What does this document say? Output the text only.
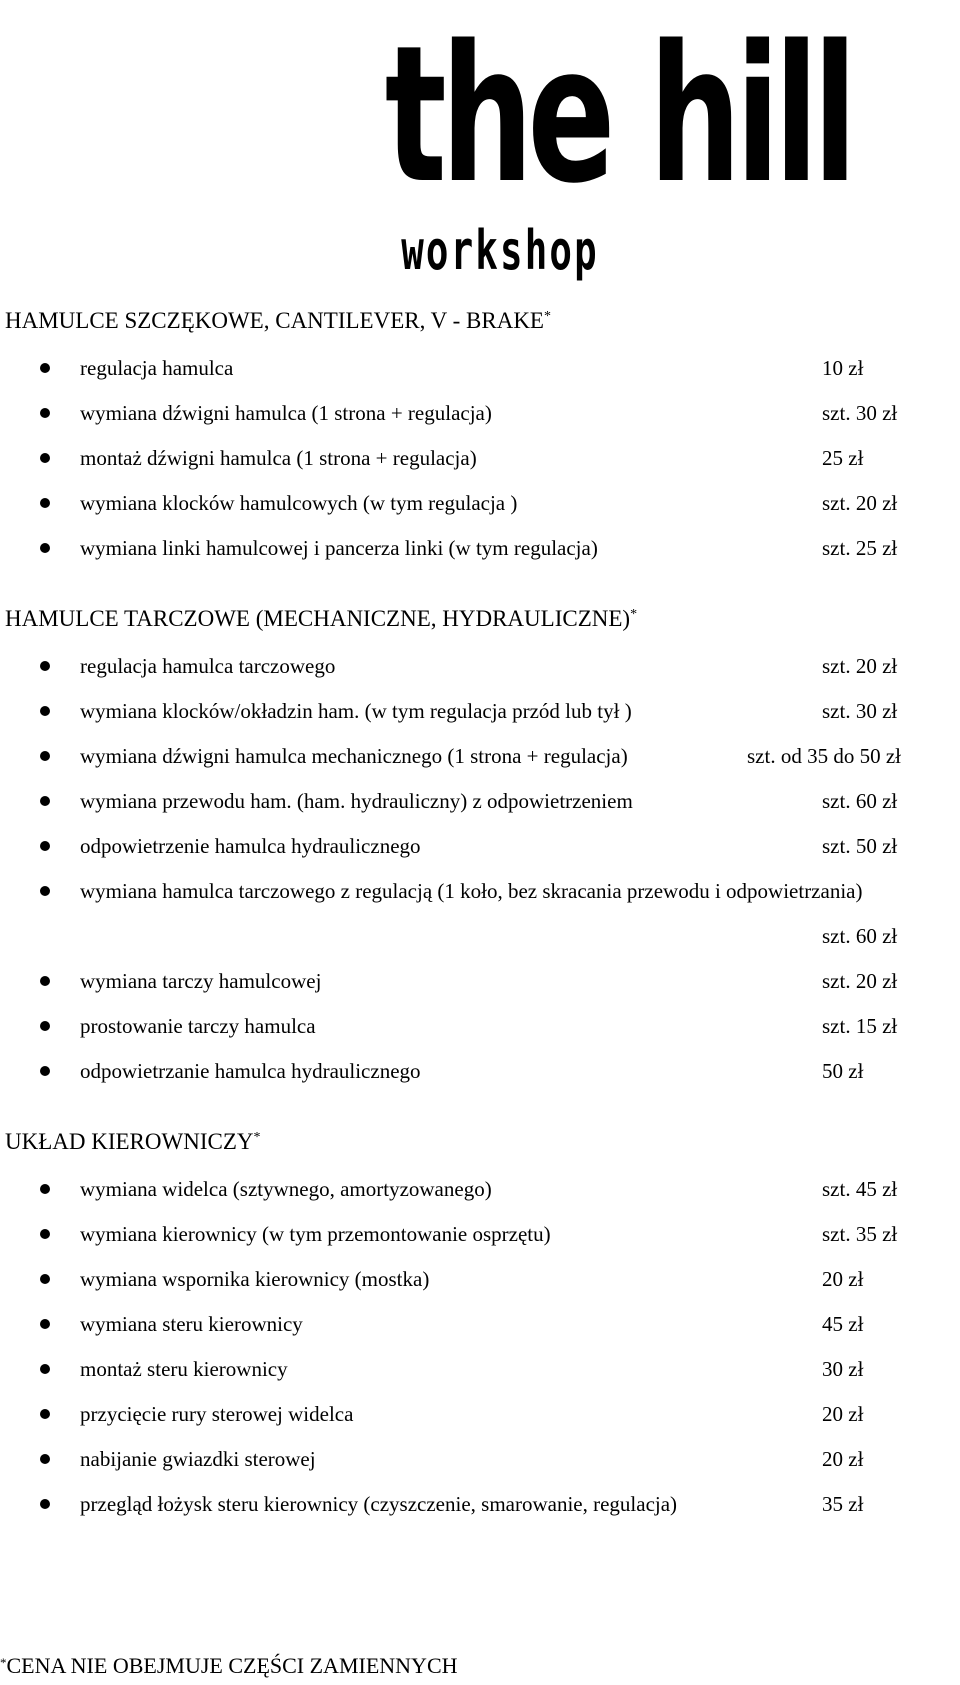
the hill
workshop
HAMULCE SZCZĘKOWE, CANTILEVER, V - BRAKE*
regulacja hamulca	10 zł
wymiana dźwigni hamulca (1 strona + regulacja)	szt. 30 zł
montaż dźwigni hamulca (1 strona + regulacja)	25 zł
wymiana klocków hamulcowych (w tym regulacja )	szt. 20 zł
wymiana linki hamulcowej i pancerza linki (w tym regulacja)	szt. 25 zł
HAMULCE TARCZOWE (MECHANICZNE, HYDRAULICZNE)*
regulacja hamulca tarczowego	szt. 20 zł
wymiana klocków/okładzin ham. (w tym regulacja przód lub tył )	szt. 30 zł
wymiana dźwigni hamulca mechanicznego (1 strona + regulacja)	szt. od 35 do 50 zł
wymiana przewodu ham. (ham. hydrauliczny) z odpowietrzeniem	szt. 60 zł
odpowietrzenie hamulca hydraulicznego	szt. 50 zł
wymiana hamulca tarczowego z regulacją (1 koło, bez skracania przewodu i odpowietrzania)
szt. 60 zł
wymiana tarczy hamulcowej	szt. 20 zł
prostowanie tarczy hamulca	szt. 15 zł
odpowietrzanie hamulca hydraulicznego	50 zł
UKŁAD KIEROWNICZY*
wymiana widelca (sztywnego, amortyzowanego)	szt. 45 zł
wymiana kierownicy (w tym przemontowanie osprzętu)	szt. 35 zł
wymiana wspornika kierownicy (mostka)	20 zł
wymiana steru kierownicy	45 zł
montaż steru kierownicy	30 zł
przycięcie rury sterowej widelca	20 zł
nabijanie gwiazdki sterowej	20 zł
przegląd łożysk steru kierownicy (czyszczenie, smarowanie, regulacja)	35 zł
*CENA NIE OBEJMUJE CZĘŚCI ZAMIENNYCH
